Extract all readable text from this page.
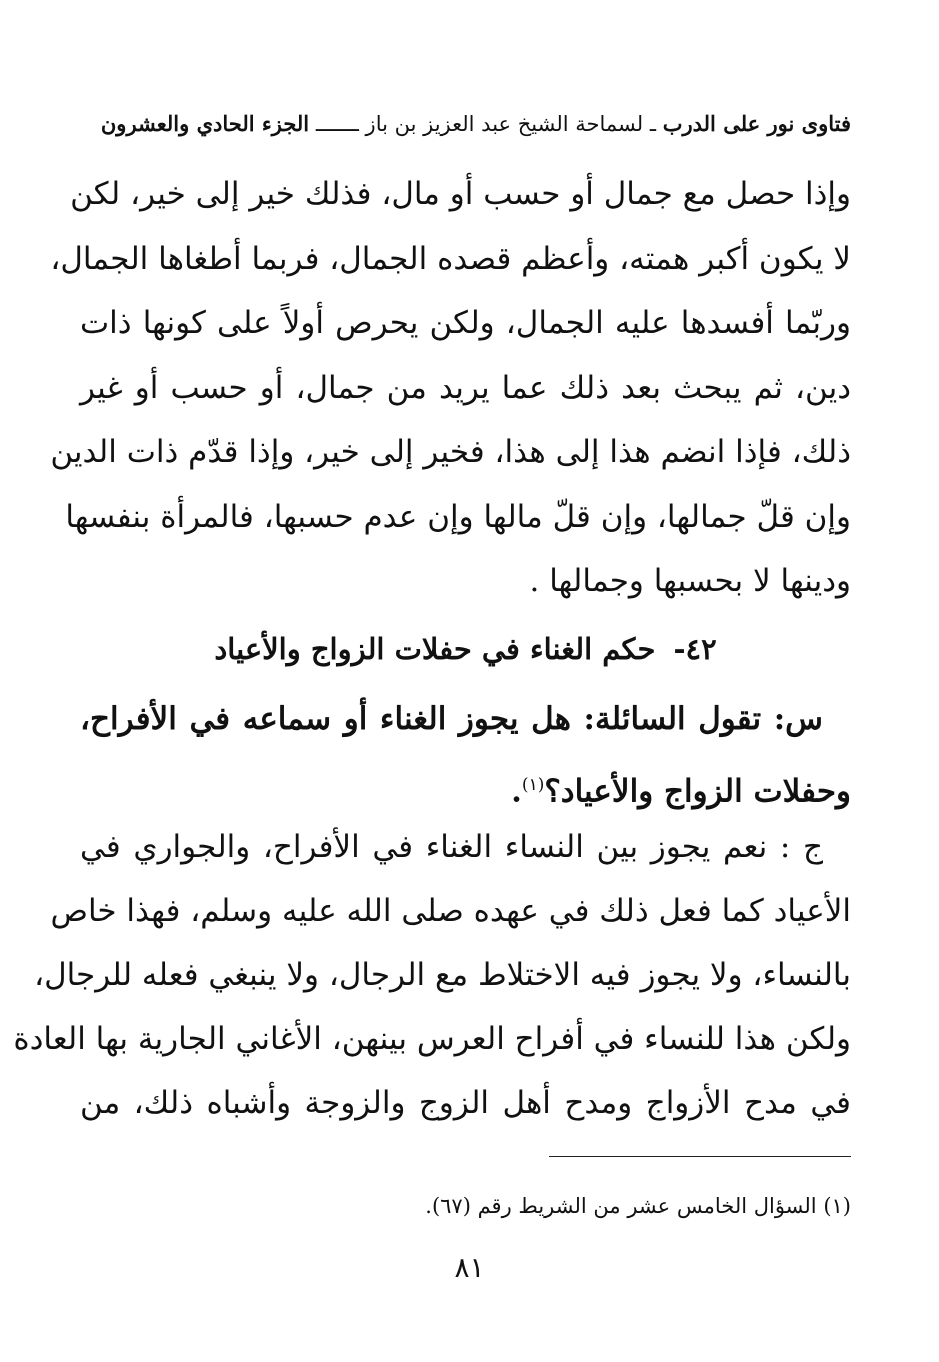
فتاوى نور على الدرب ـ لسماحة الشيخ عبد العزيز بن باز ـــــــ الجزء الحادي والعشرون
وإذا حصل مع جمال أو حسب أو مال، فذلك خير إلى خير، لكن
لا يكون أكبر همته، وأعظم قصده الجمال، فربما أطغاها الجمال،
وربّما أفسدها عليه الجمال، ولكن يحرص أولاً على كونها ذات
دين، ثم يبحث بعد ذلك عما يريد من جمال، أو حسب أو غير
ذلك، فإذا انضم هذا إلى هذا، فخير إلى خير، وإذا قدّم ذات الدين
وإن قلّ جمالها، وإن قلّ مالها وإن عدم حسبها، فالمرأة بنفسها
ودينها لا بحسبها وجمالها .
٤٢-حكم الغناء في حفلات الزواج والأعياد
س: تقول السائلة: هل يجوز الغناء أو سماعه في الأفراح،
وحفلات الزواج والأعياد؟$^{(١)}$.
ج : نعم يجوز بين النساء الغناء في الأفراح، والجواري في
الأعياد كما فعل ذلك في عهده صلى الله عليه وسلم، فهذا خاص
بالنساء، ولا يجوز فيه الاختلاط مع الرجال، ولا ينبغي فعله للرجال،
ولكن هذا للنساء في أفراح العرس بينهن، الأغاني الجارية بها العادة
في مدح الأزواج ومدح أهل الزوج والزوجة وأشباه ذلك، من
(١) السؤال الخامس عشر من الشريط رقم (٦٧).
٨١
